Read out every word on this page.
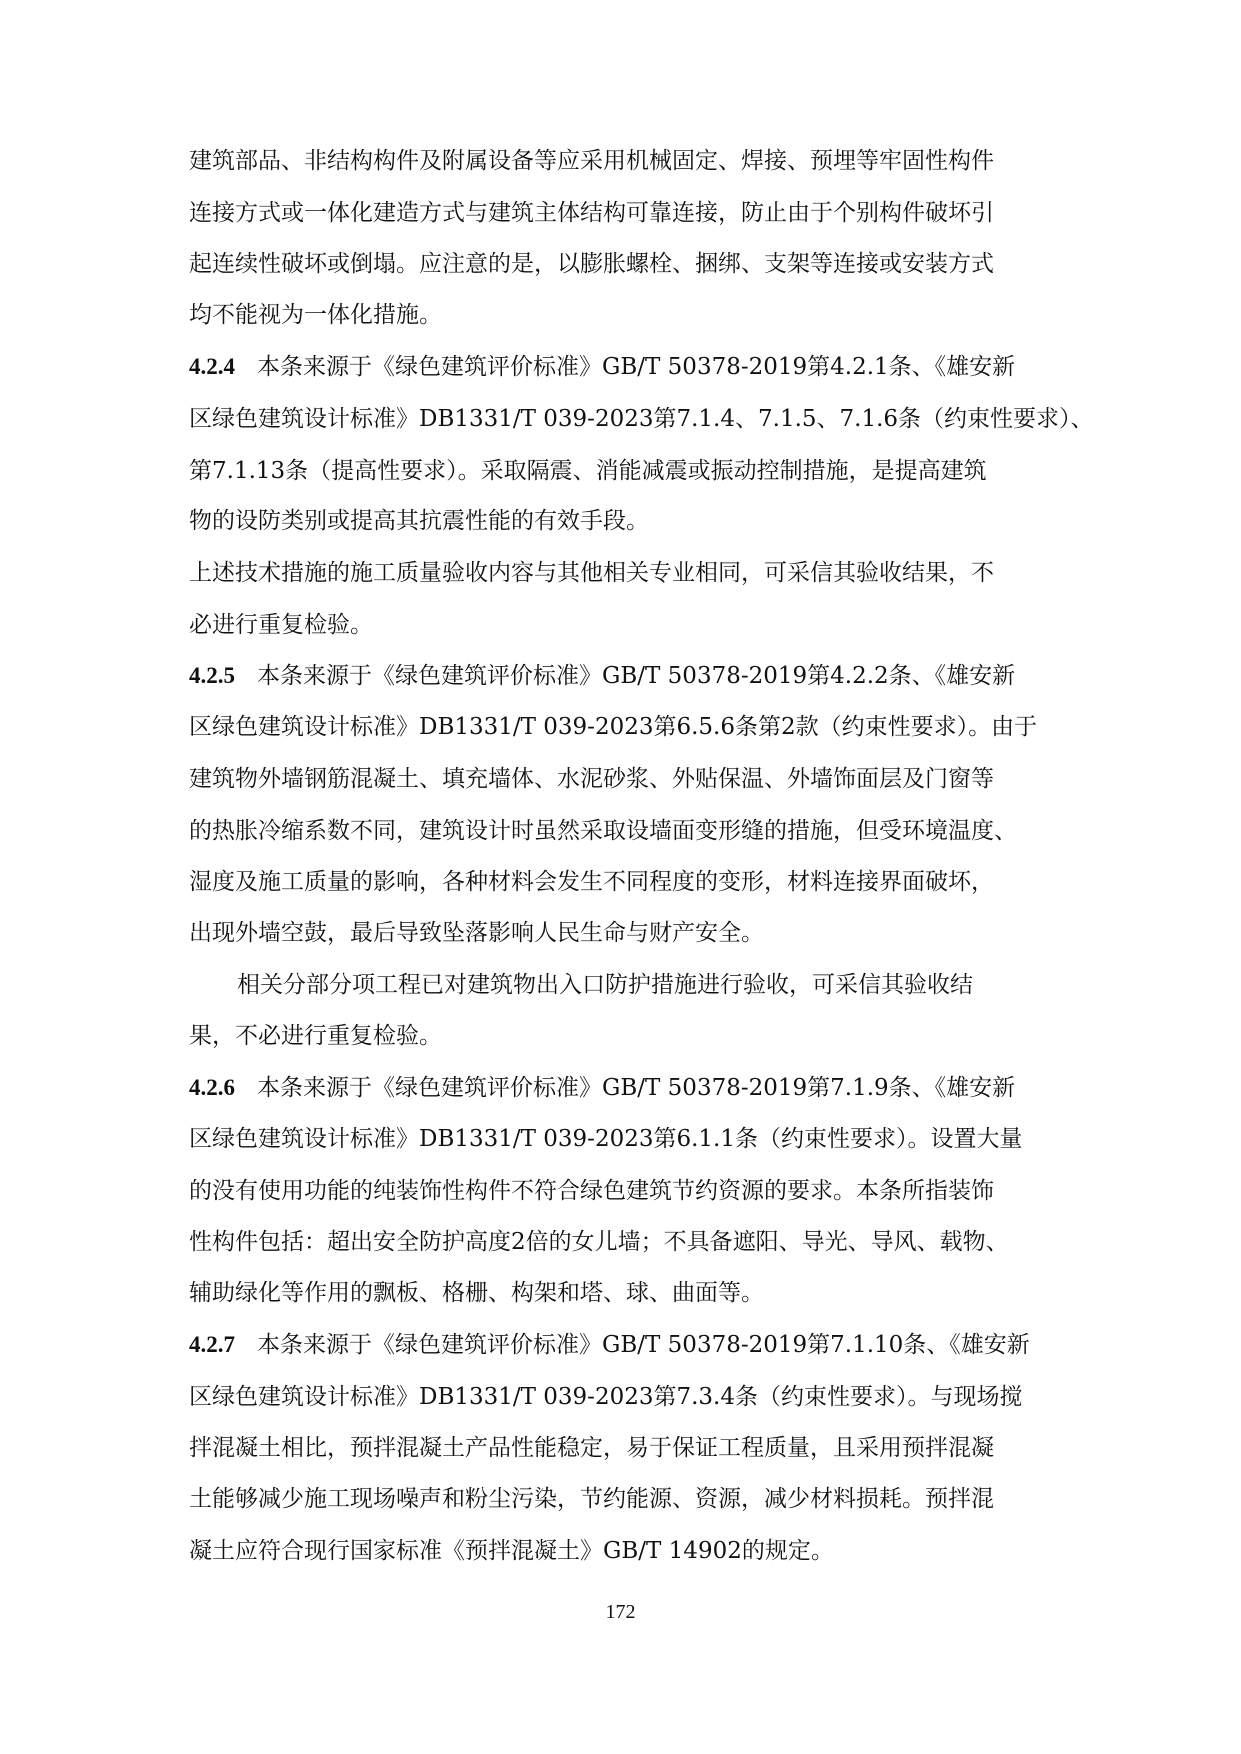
建筑部品、非结构构件及附属设备等应采用机械固定、焊接、预埋等牢固性构件
连接方式或一体化建造方式与建筑主体结构可靠连接，防止由于个别构件破坏引
起连续性破坏或倒塌。应注意的是，以膨胀螺栓、捆绑、支架等连接或安装方式
均不能视为一体化措施。
4.2.4 本条来源于《绿色建筑评价标准》GB/T 50378-2019第4.2.1条、《雄安新
区绿色建筑设计标准》DB1331/T 039-2023第7.1.4、7.1.5、7.1.6条（约束性要求）、
第7.1.13条（提高性要求）。采取隔震、消能减震或振动控制措施，是提高建筑
物的设防类别或提高其抗震性能的有效手段。
上述技术措施的施工质量验收内容与其他相关专业相同，可采信其验收结果，不
必进行重复检验。
4.2.5 本条来源于《绿色建筑评价标准》GB/T 50378-2019第4.2.2条、《雄安新
区绿色建筑设计标准》DB1331/T 039-2023第6.5.6条第2款（约束性要求）。由于
建筑物外墙钢筋混凝土、填充墙体、水泥砂浆、外贴保温、外墙饰面层及门窗等
的热胀冷缩系数不同，建筑设计时虽然采取设墙面变形缝的措施，但受环境温度、
湿度及施工质量的影响，各种材料会发生不同程度的变形，材料连接界面破坏，
出现外墙空鼓，最后导致坠落影响人民生命与财产安全。
相关分部分项工程已对建筑物出入口防护措施进行验收，可采信其验收结
果，不必进行重复检验。
4.2.6 本条来源于《绿色建筑评价标准》GB/T 50378-2019第7.1.9条、《雄安新
区绿色建筑设计标准》DB1331/T 039-2023第6.1.1条（约束性要求）。设置大量
的没有使用功能的纯装饰性构件不符合绿色建筑节约资源的要求。本条所指装饰
性构件包括：超出安全防护高度2倍的女儿墙；不具备遮阳、导光、导风、载物、
辅助绿化等作用的飘板、格栅、构架和塔、球、曲面等。
4.2.7 本条来源于《绿色建筑评价标准》GB/T 50378-2019第7.1.10条、《雄安新
区绿色建筑设计标准》DB1331/T 039-2023第7.3.4条（约束性要求）。与现场搅
拌混凝土相比，预拌混凝土产品性能稳定，易于保证工程质量，且采用预拌混凝
土能够减少施工现场噪声和粉尘污染，节约能源、资源，减少材料损耗。预拌混
凝土应符合现行国家标准《预拌混凝土》GB/T 14902的规定。
172
